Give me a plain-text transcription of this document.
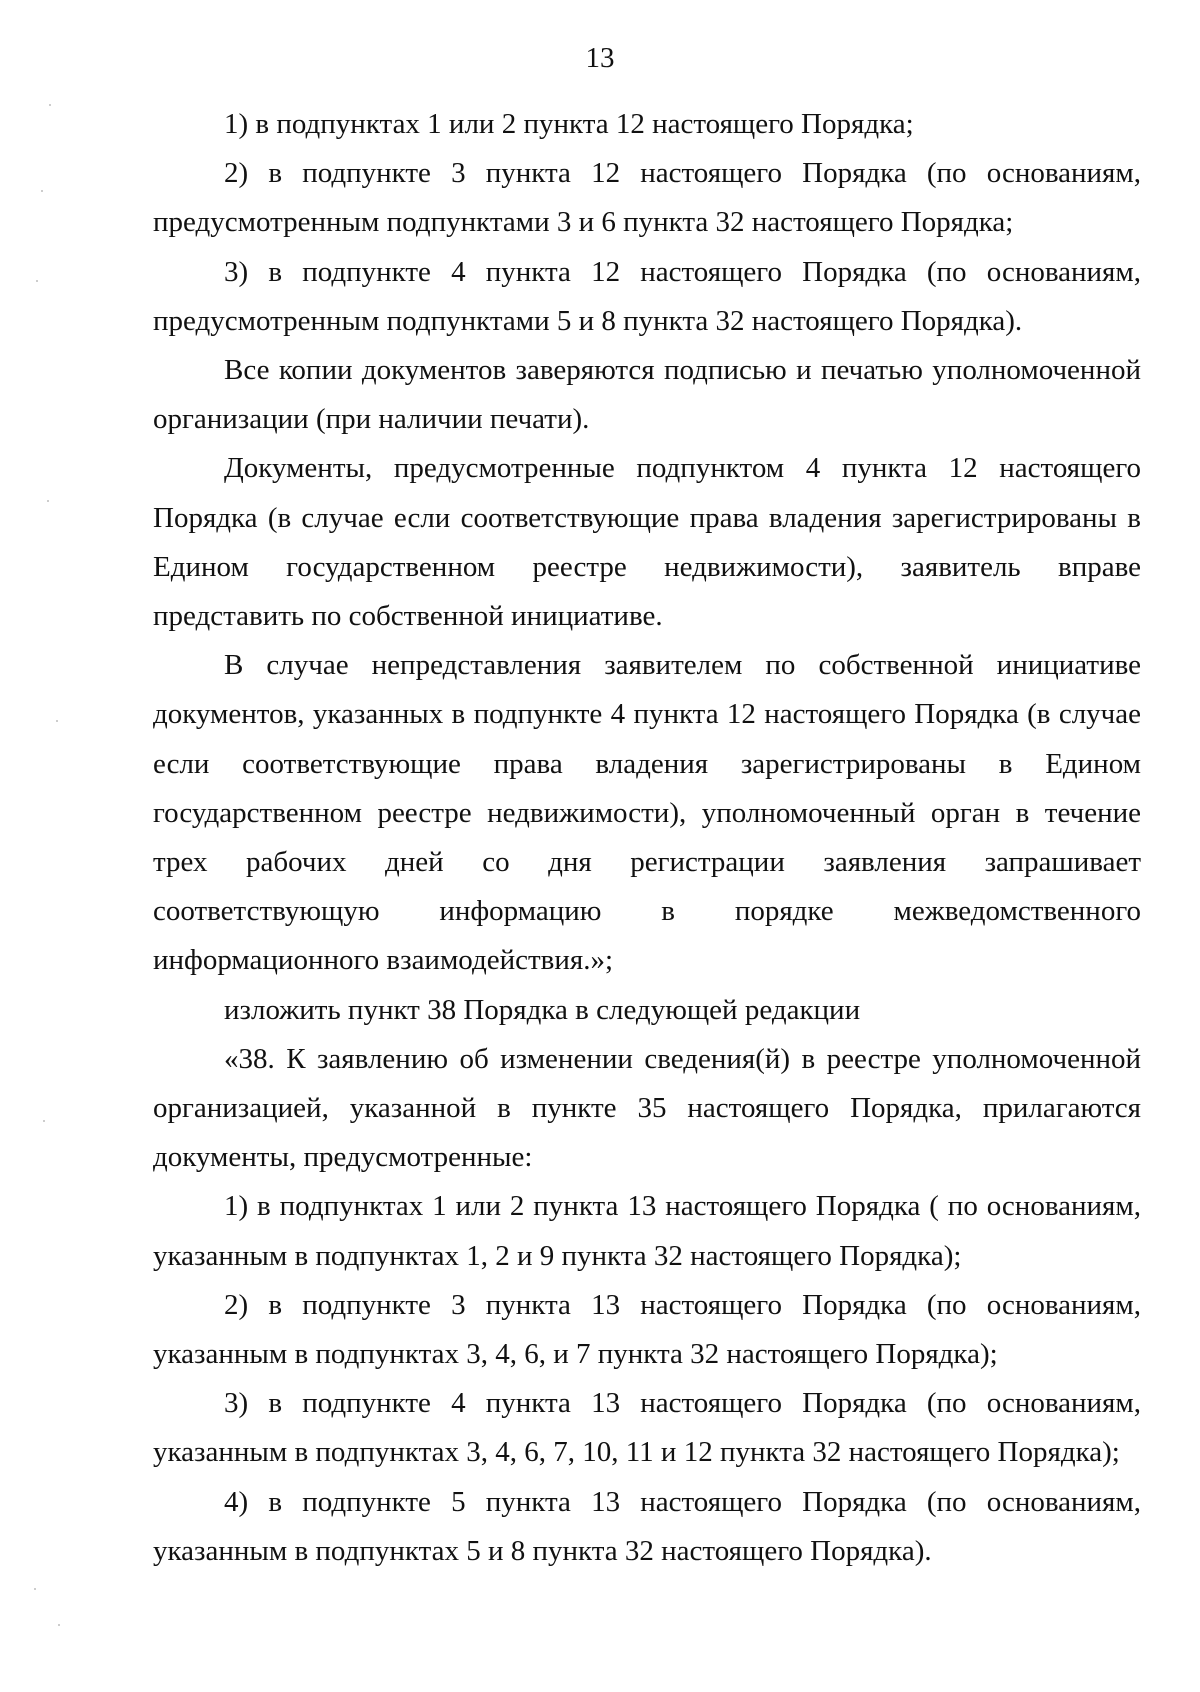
13

1) в подпунктах 1 или 2 пункта 12 настоящего Порядка;

2) в подпункте 3 пункта 12 настоящего Порядка (по основаниям, предусмотренным подпунктами 3 и 6 пункта 32 настоящего Порядка;

3) в подпункте 4 пункта 12 настоящего Порядка (по основаниям, предусмотренным подпунктами 5 и 8 пункта 32 настоящего Порядка).

Все копии документов заверяются подписью и печатью уполномоченной организации (при наличии печати).

Документы, предусмотренные подпунктом 4 пункта 12 настоящего Порядка (в случае если соответствующие права владения зарегистрированы в Едином государственном реестре недвижимости), заявитель вправе представить по собственной инициативе.

В случае непредставления заявителем по собственной инициативе документов, указанных в подпункте 4 пункта 12 настоящего Порядка (в случае если соответствующие права владения зарегистрированы в Едином государственном реестре недвижимости), уполномоченный орган в течение трех рабочих дней со дня регистрации заявления запрашивает соответствующую информацию в порядке межведомственного информационного взаимодействия.»;

изложить пункт 38 Порядка в следующей редакции

«38. К заявлению об изменении сведения(й) в реестре уполномоченной организацией, указанной в пункте 35 настоящего Порядка, прилагаются документы, предусмотренные:

1) в подпунктах 1 или 2 пункта 13 настоящего Порядка ( по основаниям, указанным в подпунктах 1, 2 и 9 пункта 32 настоящего Порядка);

2) в подпункте 3 пункта 13 настоящего Порядка (по основаниям, указанным в подпунктах 3, 4, 6, и 7 пункта 32 настоящего Порядка);

3) в подпункте 4 пункта 13 настоящего Порядка (по основаниям, указанным в подпунктах 3, 4, 6, 7, 10, 11 и 12 пункта 32 настоящего Порядка);

4) в подпункте 5 пункта 13 настоящего Порядка (по основаниям, указанным в подпунктах 5 и 8 пункта 32 настоящего Порядка).
